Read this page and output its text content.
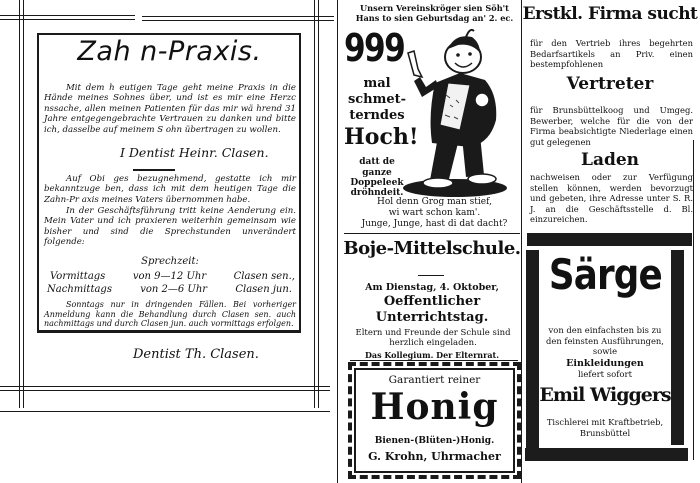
Zah n-Praxis.
Mit dem h eutigen Tage geht meine Praxis in die Hände meines Sohnes über, und ist es mir eine Herzc nssache, allen meinen Patienten für das mir wä hrend 31 Jahre entgegengebrachte Vertrauen zu danken und bitte ich, dasselbe auf meinem S ohn übertragen zu wollen.
I Dentist Heinr. Clasen.
Auf Obi ges bezugnehmend, gestatte ich mir bekanntzuge ben, dass ich mit dem heutigen Tage die Zahn-Pr axis meines Vaters übernommen habe.
In der Geschäftsführung tritt keine Aenderung ein. Mein Vater und ich praxieren weiterhin gemeinsam wie bisher und sind die Sprechstunden unverändert folgende:
Sprechzeit:
Vormittags	von 9—12 Uhr	Clasen sen.,
Nachmittags	von 2—6 Uhr	Clasen jun.
Sonntags nur in dringenden Fällen. Bei vorheriger Anmeldung kann die Behandlung durch Clasen sen. auch nachmittags und durch Clasen jun. auch vormittags erfolgen.
Dentist Th. Clasen.
Unsern Vereinskröger sien Söh't
Hans to sien Geburtsdag an' 2. ec.
999
mal
schmet-
terndes
Hoch!
datt de
ganze
Doppeleek
dröhndeit.
Hol denn Grog man stief,
wi wart schon kam'.
Junge, Junge, hast di dat dacht?
Boje-Mittelschule.
Am Dienstag, 4. Oktober,
Oeffentlicher
Unterrichtstag.
Eltern und Freunde der Schule sind herzlich eingeladen.
Das Kollegium. Der Elternrat.
Garantiert reiner
Honig
Bienen-(Blüten-)Honig.
G. Krohn, Uhrmacher
Erstkl. Firma sucht
für den Vertrieb ihres begehrten Bedarfsartikels an Priv. einen bestempfohlenen
Vertreter
für Brunsbüttelkoog und Umgeg. Bewerber, welche für die von der Firma beabsichtigte Niederlage einen gut gelegenen
Laden
nachweisen oder zur Verfügung stellen können, werden bevorzugt und gebeten, ihre Adresse unter S. R. J. an die Geschäftsstelle d. Bl. einzureichen.
Särge
von den einfachsten bis zu den feinsten Ausführungen, sowie
Einkleidungen
liefert sofort
Emil Wiggers
Tischlerei mit Kraftbetrieb, Brunsbüttel
